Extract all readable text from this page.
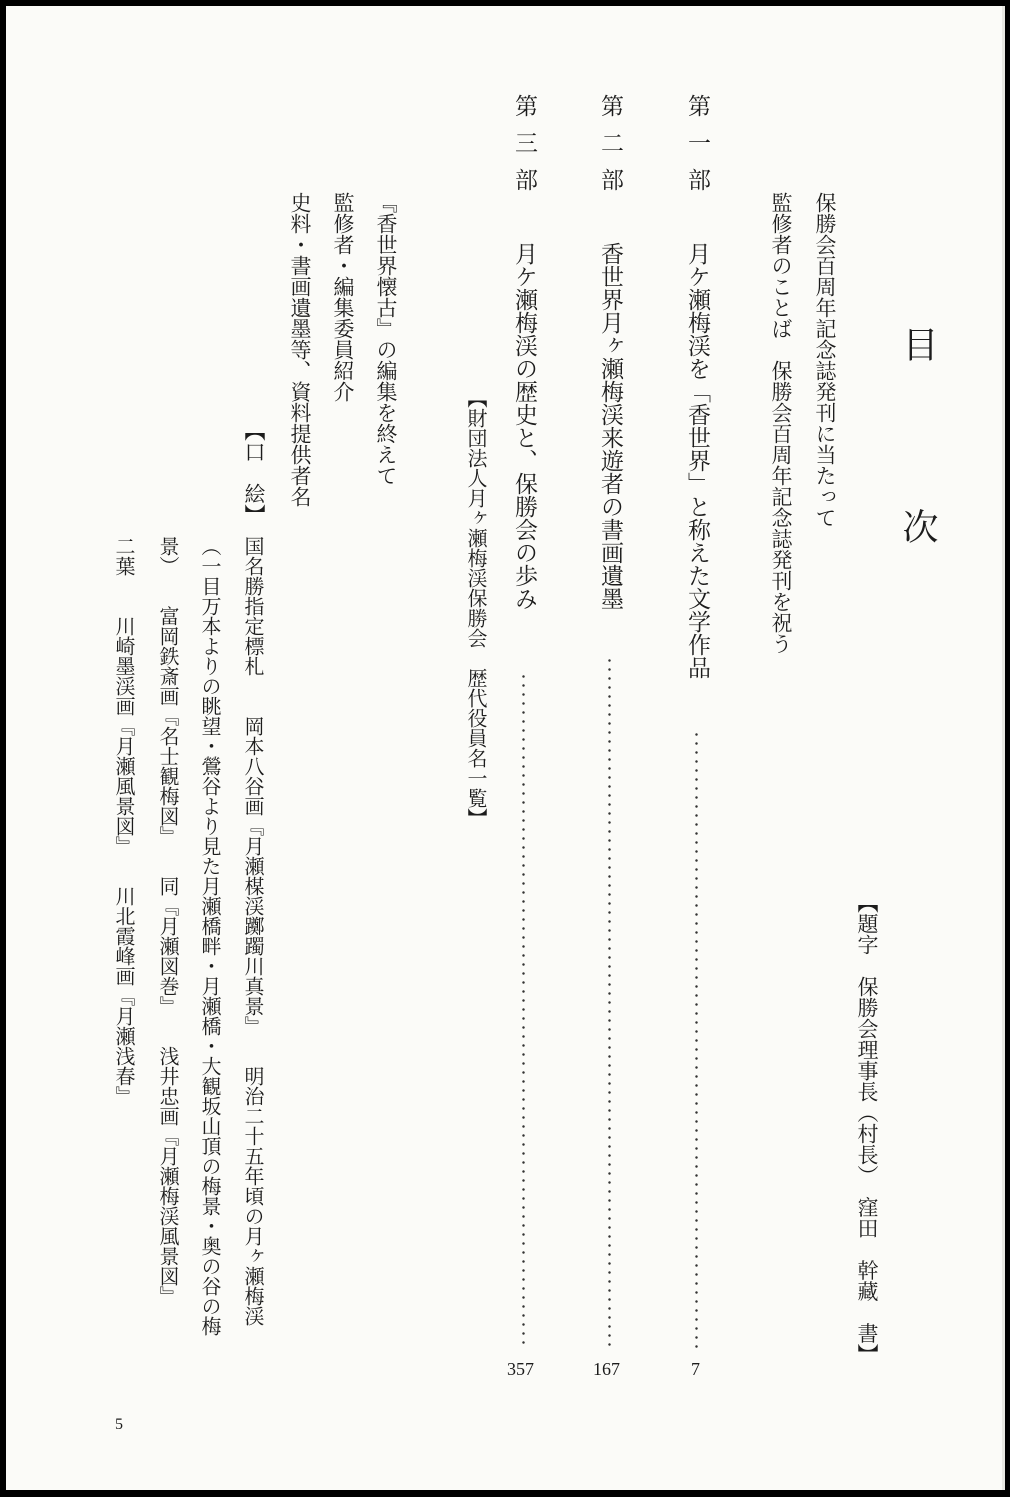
目次
【題字　保勝会理事長（村長）　窪田　幹藏　書】
保勝会百周年記念誌発刊に当たって
監修者のことば　保勝会百周年記念誌発刊を祝う
第一部
月ケ瀬梅渓を「香世界」と称えた文学作品
7
第二部
香世界月ヶ瀬梅渓来遊者の書画遺墨
167
第三部
月ケ瀬梅渓の歴史と、保勝会の歩み
357
【財団法人月ヶ瀬梅渓保勝会　歴代役員名一覧】
『香世界懐古』の編集を終えて
監修者・編集委員紹介
史料・書画遺墨等、資料提供者名
【口　絵】
国名勝指定標札　　岡本八谷画『月瀬楳渓躑躅川真景』　　明治二十五年頃の月ヶ瀬梅渓
（一目万本よりの眺望・鶯谷より見た月瀬橋畔・月瀬橋・大観坂山頂の梅景・奥の谷の梅
景）　　富岡鉄斎画『名士観梅図』　　同『月瀬図巻』　　浅井忠画『月瀬梅渓風景図』
二葉　　川崎墨渓画『月瀬風景図』　　川北霞峰画『月瀬浅春』
5
